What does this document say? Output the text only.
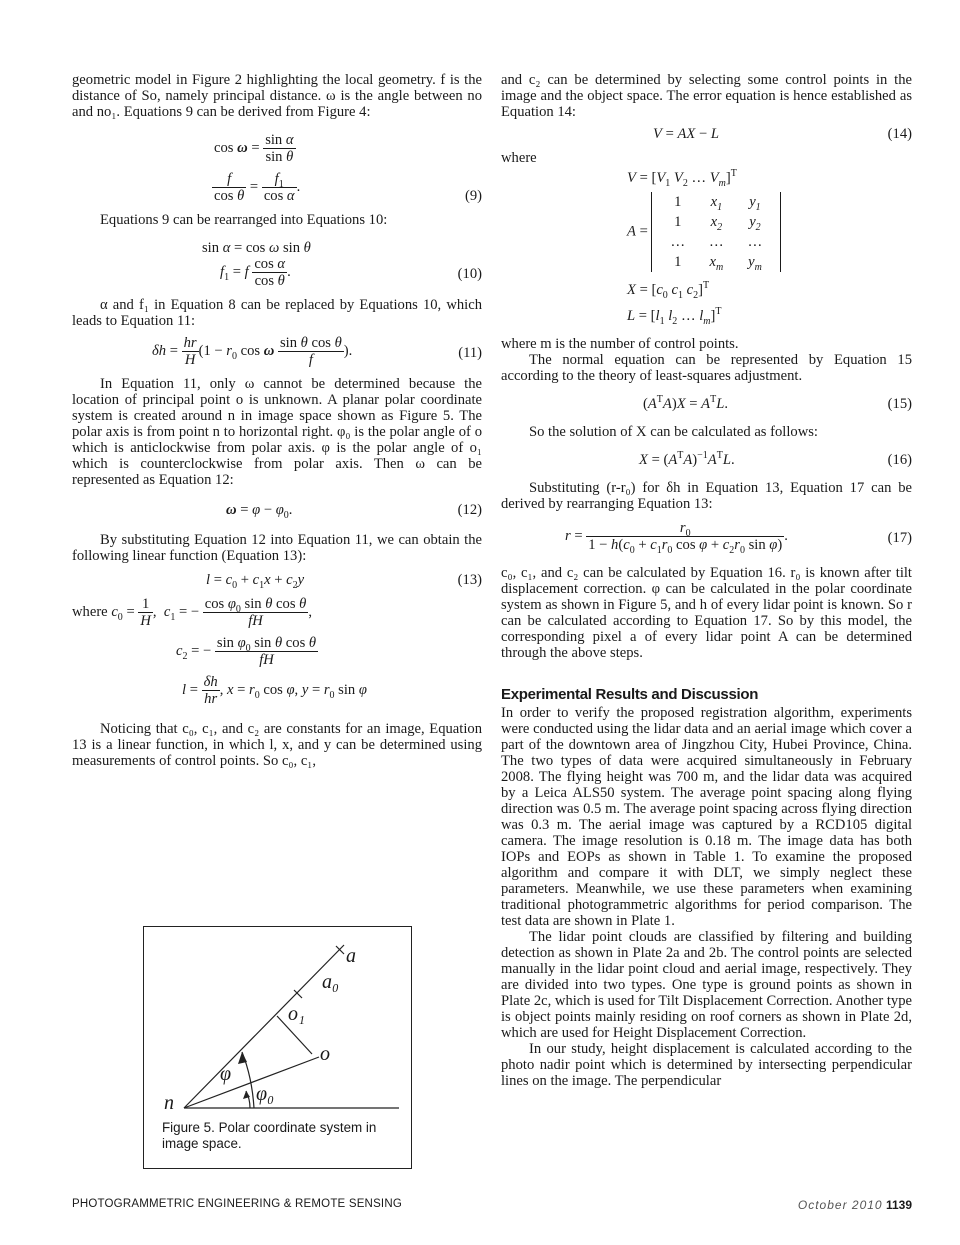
geometric model in Figure 2 highlighting the local geometry. f is the distance of So, namely principal distance. ω is the angle between no and no₁. Equations 9 can be derived from Figure 4:

$\cos \omega = \frac{\text{sin α}}{\text{sin θ}}$
$\frac{f}{\text{cos θ}} = \frac{f_1}{\text{cos α}}$ .
(9)

Equations 9 can be rearranged into Equations 10:

sin α = cos ω sin θ
$f_1 = f \frac{\text{cos α}}{\text{cos θ}}$ .	(10)

α and f₁ in Equation 8 can be replaced by Equations 10, which leads to Equation 11:

$\delta h = \frac{hr}{H} (1 - r_0$ cos ω $\frac{\text{sin θ cos θ}}{f}$ ).	(11)

In Equation 11, only ω cannot be determined because the location of principal point o is unknown. A planar polar coordinate system is created around n in image space shown as Figure 5. The polar axis is from point n to horizontal right. φ₀ is the polar angle of o which is anticlockwise from polar axis. φ is the polar angle of o₁ which is counterclockwise from polar axis. Then ω can be represented as Equation 12:

$\omega = \varphi - \varphi_0$.	(12)

By substituting Equation 12 into Equation 11, we can obtain the following linear function (Equation 13):

$l = c_0 + c_1x + c_2y$
where $c_0 = \frac{1}{H}$ ,  $c_1$ = − $\frac{\cos \varphi_0 \sin \theta \cos \theta}{fH}$ ,
$c_2$ = − $\frac{\sin \varphi_0 \sin \theta \cos \theta}{fH}$
$l = \frac{\delta h}{hr}$ , $x = r_0$ cos φ, $y = r_0$ sin φ
(13)

Noticing that c₀, c₁, and c₂ are constants for an image, Equation 13 is a linear function, in which l, x, and y can be determined using measurements of control points. So c₀, c₁,

a
a₀
o₁
o
n
φ
φ₀
Figure 5. Polar coordinate system in image space.

and c₂ can be determined by selecting some control points in the image and the object space. The error equation is hence established as Equation 14:

V = AX − L	(14)

where

$V = [V_1$ $V_2$ … $V_m]^T$
A =
1	$x_1$	$y_1$
1	$x_2$	$y_2$
…	…	…
1	$x_m$	$y_m$
$X = [c_0$ $c_1$ $c_2]^T$
$L = [l_1$ $l_2$ … $l_m]^T$

where m is the number of control points.

The normal equation can be represented by Equation 15 according to the theory of least-squares adjustment.

$(A^TA)X = A^TL$.	(15)

So the solution of X can be calculated as follows:

$X = (A^TA)^{-1}A^TL$.	(16)

Substituting (r-r₀) for δh in Equation 13, Equation 17 can be derived by rearranging Equation 13:

$r = \frac{r_0}{1 - h(c_0 + c_1r_0 \cos \varphi + c_2r_0 \sin \varphi)}$ .	(17)

c₀, c₁, and c₂ can be calculated by Equation 16. r₀ is known after tilt displacement correction. φ can be calculated in the polar coordinate system as shown in Figure 5, and h of every lidar point is known. So r can be calculated according to Equation 17. So by this model, the corresponding pixel a of every lidar point A can be determined through the above steps.

Experimental Results and Discussion

In order to verify the proposed registration algorithm, experiments were conducted using the lidar data and an aerial image which cover a part of the downtown area of Jingzhou City, Hubei Province, China. The two types of data were acquired simultaneously in February 2008. The flying height was 700 m, and the lidar data was acquired by a Leica ALS50 system. The average point spacing along flying direction was 0.5 m. The average point spacing across flying direction was 0.3 m. The aerial image was captured by a RCD105 digital camera. The image resolution is 0.18 m. The image data has both IOPs and EOPs as shown in Table 1. To examine the proposed algorithm and compare it with DLT, we simply neglect these parameters. Meanwhile, we use these parameters when examining traditional photogrammetric algorithms for period comparison. The test data are shown in Plate 1.

The lidar point clouds are classified by filtering and building detection as shown in Plate 2a and 2b. The control points are selected manually in the lidar point cloud and aerial image, respectively. They are divided into two types. One type is ground points as shown in Plate 2c, which is used for Tilt Displacement Correction. Another type is object points mainly residing on roof corners as shown in Plate 2d, which are used for Height Displacement Correction.

In our study, height displacement is calculated according to the photo nadir point which is determined by intersecting perpendicular lines on the image. The perpendicular

PHOTOGRAMMETRIC ENGINEERING & REMOTE SENSING	October 2010 1139
